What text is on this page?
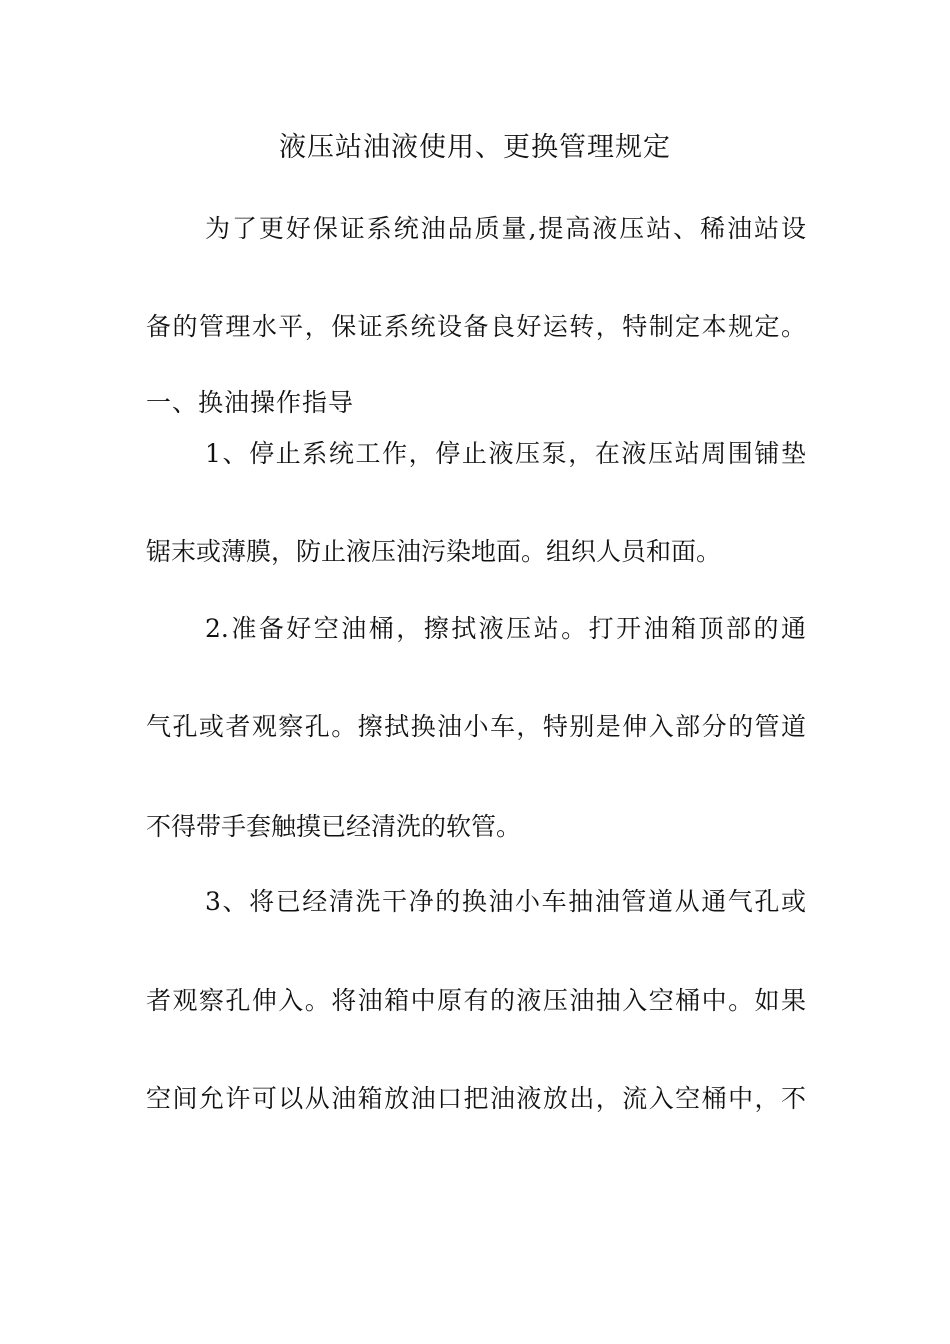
液压站油液使用、更换管理规定
为了更好保证系统油品质量,提高液压站、稀油站设
备的管理水平，保证系统设备良好运转，特制定本规定。
一、换油操作指导
1、停止系统工作，停止液压泵，在液压站周围铺垫
锯末或薄膜，防止液压油污染地面。组织人员和面。
2.准备好空油桶，擦拭液压站。打开油箱顶部的通
气孔或者观察孔。擦拭换油小车，特别是伸入部分的管道
不得带手套触摸已经清洗的软管。
3、将已经清洗干净的换油小车抽油管道从通气孔或
者观察孔伸入。将油箱中原有的液压油抽入空桶中。如果
空间允许可以从油箱放油口把油液放出，流入空桶中，不
